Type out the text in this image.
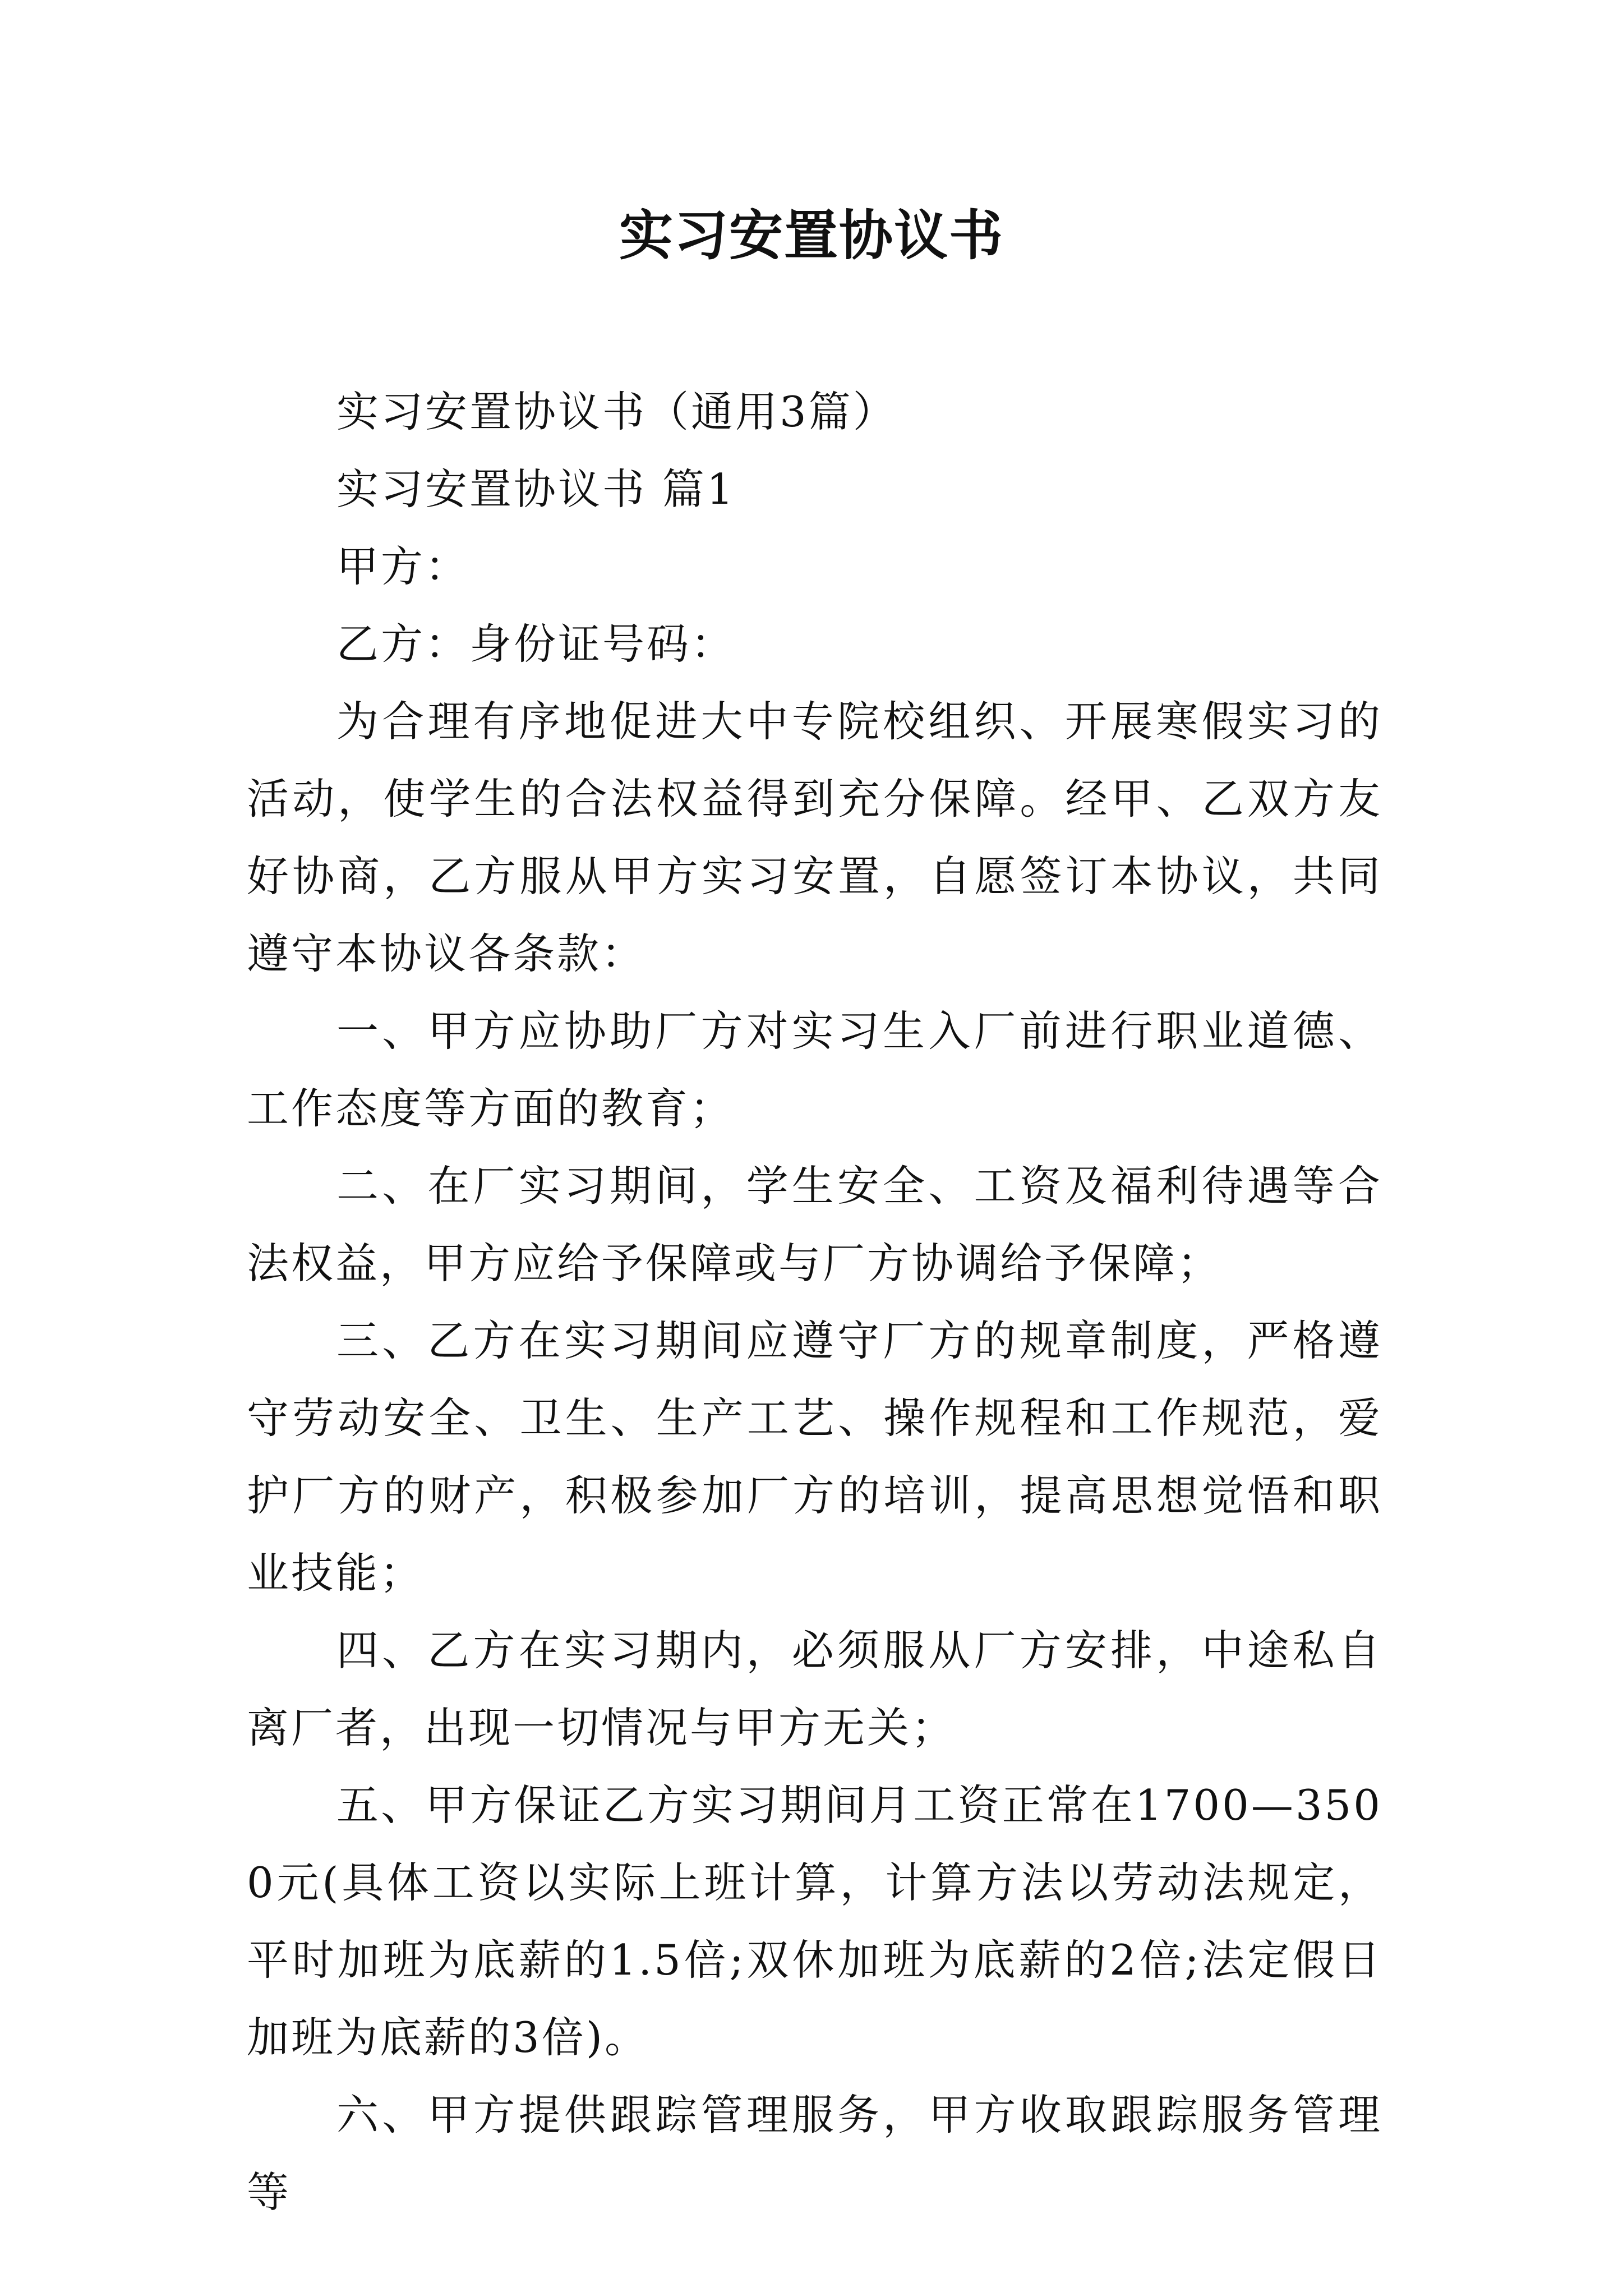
实习安置协议书

实习安置协议书（通用3篇）

实习安置协议书 篇1

甲方：

乙方：身份证号码：

为合理有序地促进大中专院校组织、开展寒假实习的活动，使学生的合法权益得到充分保障。经甲、乙双方友好协商，乙方服从甲方实习安置，自愿签订本协议，共同遵守本协议各条款：

一、甲方应协助厂方对实习生入厂前进行职业道德、工作态度等方面的教育；

二、在厂实习期间，学生安全、工资及福利待遇等合法权益，甲方应给予保障或与厂方协调给予保障；

三、乙方在实习期间应遵守厂方的规章制度，严格遵守劳动安全、卫生、生产工艺、操作规程和工作规范，爱护厂方的财产，积极参加厂方的培训，提高思想觉悟和职业技能；

四、乙方在实习期内，必须服从厂方安排，中途私自离厂者，出现一切情况与甲方无关；

五、甲方保证乙方实习期间月工资正常在1700—3500元(具体工资以实际上班计算，计算方法以劳动法规定，平时加班为底薪的1.5倍;双休加班为底薪的2倍;法定假日加班为底薪的3倍)。

六、甲方提供跟踪管理服务，甲方收取跟踪服务管理等
